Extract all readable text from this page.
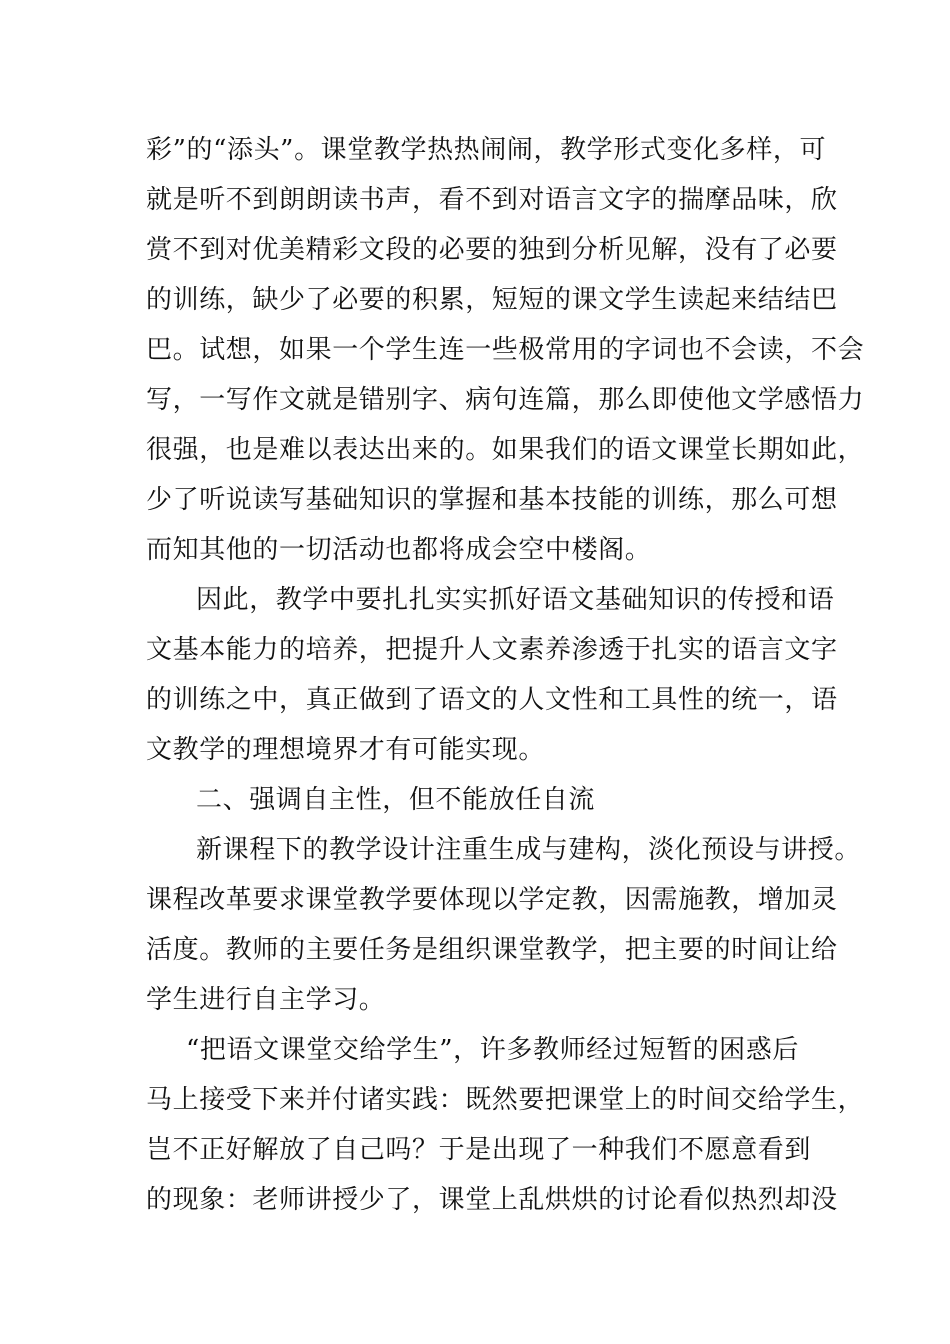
彩”的“添头”。课堂教学热热闹闹，教学形式变化多样，可
就是听不到朗朗读书声，看不到对语言文字的揣摩品味，欣
赏不到对优美精彩文段的必要的独到分析见解，没有了必要
的训练，缺少了必要的积累，短短的课文学生读起来结结巴
巴。试想，如果一个学生连一些极常用的字词也不会读，不会
写，一写作文就是错别字、病句连篇，那么即使他文学感悟力
很强，也是难以表达出来的。如果我们的语文课堂长期如此，
少了听说读写基础知识的掌握和基本技能的训练，那么可想
而知其他的一切活动也都将成会空中楼阁。
因此，教学中要扎扎实实抓好语文基础知识的传授和语
文基本能力的培养，把提升人文素养渗透于扎实的语言文字
的训练之中，真正做到了语文的人文性和工具性的统一，语
文教学的理想境界才有可能实现。
二、强调自主性，但不能放任自流
新课程下的教学设计注重生成与建构，淡化预设与讲授。
课程改革要求课堂教学要体现以学定教，因需施教，增加灵
活度。教师的主要任务是组织课堂教学，把主要的时间让给
学生进行自主学习。
“把语文课堂交给学生”，许多教师经过短暂的困惑后
马上接受下来并付诸实践：既然要把课堂上的时间交给学生，
岂不正好解放了自己吗？于是出现了一种我们不愿意看到
的现象：老师讲授少了，课堂上乱烘烘的讨论看似热烈却没
